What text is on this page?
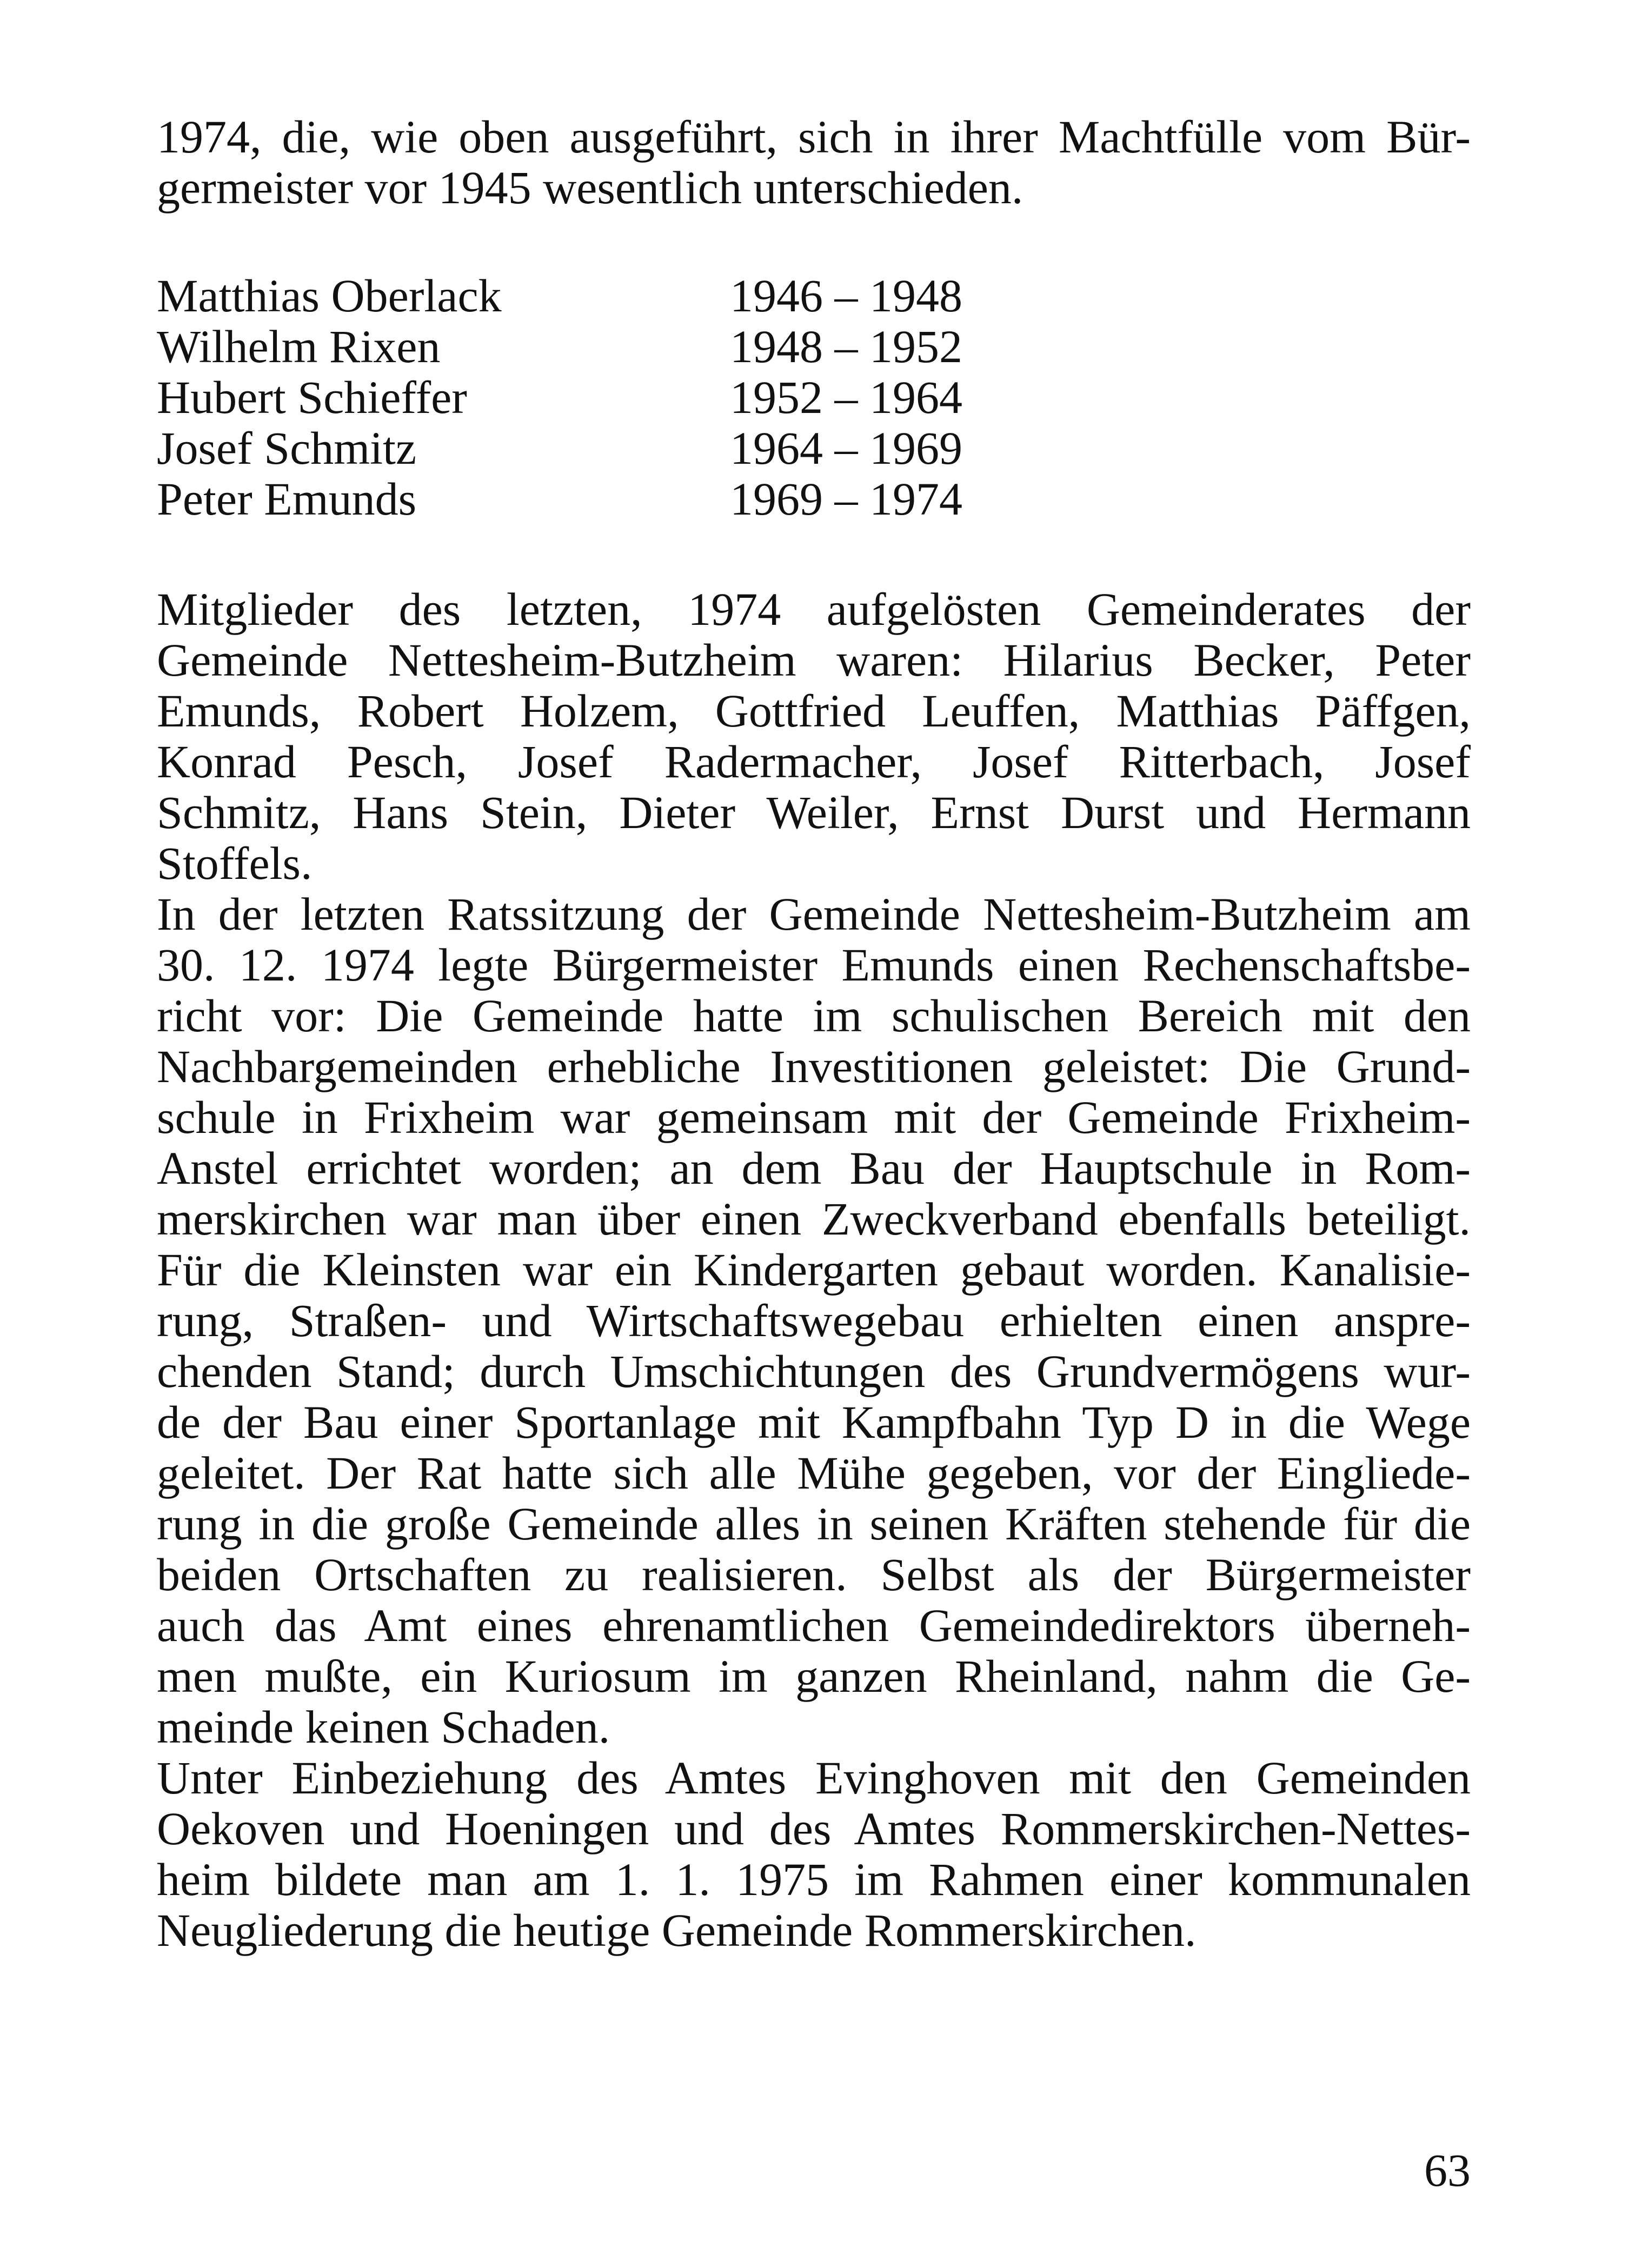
1974, die, wie oben ausgeführt, sich in ihrer Machtfülle vom Bür-
germeister vor 1945 wesentlich unterschieden.
Matthias Oberlack	1946 – 1948
Wilhelm Rixen	1948 – 1952
Hubert Schieffer	1952 – 1964
Josef Schmitz	1964 – 1969
Peter Emunds	1969 – 1974
Mitglieder des letzten, 1974 aufgelösten Gemeinderates der
Gemeinde Nettesheim-Butzheim waren: Hilarius Becker, Peter
Emunds, Robert Holzem, Gottfried Leuffen, Matthias Päffgen,
Konrad Pesch, Josef Radermacher, Josef Ritterbach, Josef
Schmitz, Hans Stein, Dieter Weiler, Ernst Durst und Hermann
Stoffels.
In der letzten Ratssitzung der Gemeinde Nettesheim-Butzheim am
30. 12. 1974 legte Bürgermeister Emunds einen Rechenschaftsbe-
richt vor: Die Gemeinde hatte im schulischen Bereich mit den
Nachbargemeinden erhebliche Investitionen geleistet: Die Grund-
schule in Frixheim war gemeinsam mit der Gemeinde Frixheim-
Anstel errichtet worden; an dem Bau der Hauptschule in Rom-
merskirchen war man über einen Zweckverband ebenfalls beteiligt.
Für die Kleinsten war ein Kindergarten gebaut worden. Kanalisie-
rung, Straßen- und Wirtschaftswegebau erhielten einen anspre-
chenden Stand; durch Umschichtungen des Grundvermögens wur-
de der Bau einer Sportanlage mit Kampfbahn Typ D in die Wege
geleitet. Der Rat hatte sich alle Mühe gegeben, vor der Eingliede-
rung in die große Gemeinde alles in seinen Kräften stehende für die
beiden Ortschaften zu realisieren. Selbst als der Bürgermeister
auch das Amt eines ehrenamtlichen Gemeindedirektors überneh-
men mußte, ein Kuriosum im ganzen Rheinland, nahm die Ge-
meinde keinen Schaden.
Unter Einbeziehung des Amtes Evinghoven mit den Gemeinden
Oekoven und Hoeningen und des Amtes Rommerskirchen-Nettes-
heim bildete man am 1. 1. 1975 im Rahmen einer kommunalen
Neugliederung die heutige Gemeinde Rommerskirchen.
63
